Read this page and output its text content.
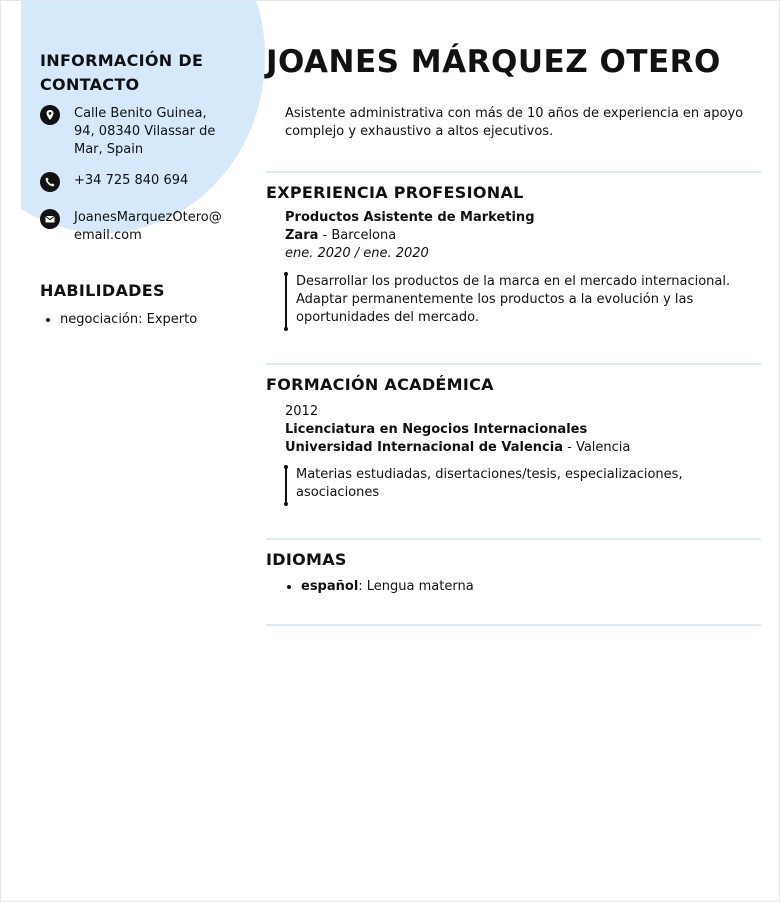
INFORMACIÓN DE CONTACTO
Calle Benito Guinea,
94, 08340 Vilassar de
Mar, Spain
+34 725 840 694
JoanesMarquezOtero@
email.com
HABILIDADES
• negociación: Experto
JOANES MÁRQUEZ OTERO
Asistente administrativa con más de 10 años de experiencia en apoyo complejo y exhaustivo a altos ejecutivos.
EXPERIENCIA PROFESIONAL
Productos Asistente de Marketing
Zara - Barcelona
ene. 2020 / ene. 2020
Desarrollar los productos de la marca en el mercado internacional. Adaptar permanentemente los productos a la evolución y las oportunidades del mercado.
FORMACIÓN ACADÉMICA
2012
Licenciatura en Negocios Internacionales
Universidad Internacional de Valencia - Valencia
Materias estudiadas, disertaciones/tesis, especializaciones, asociaciones
IDIOMAS
• español: Lengua materna
